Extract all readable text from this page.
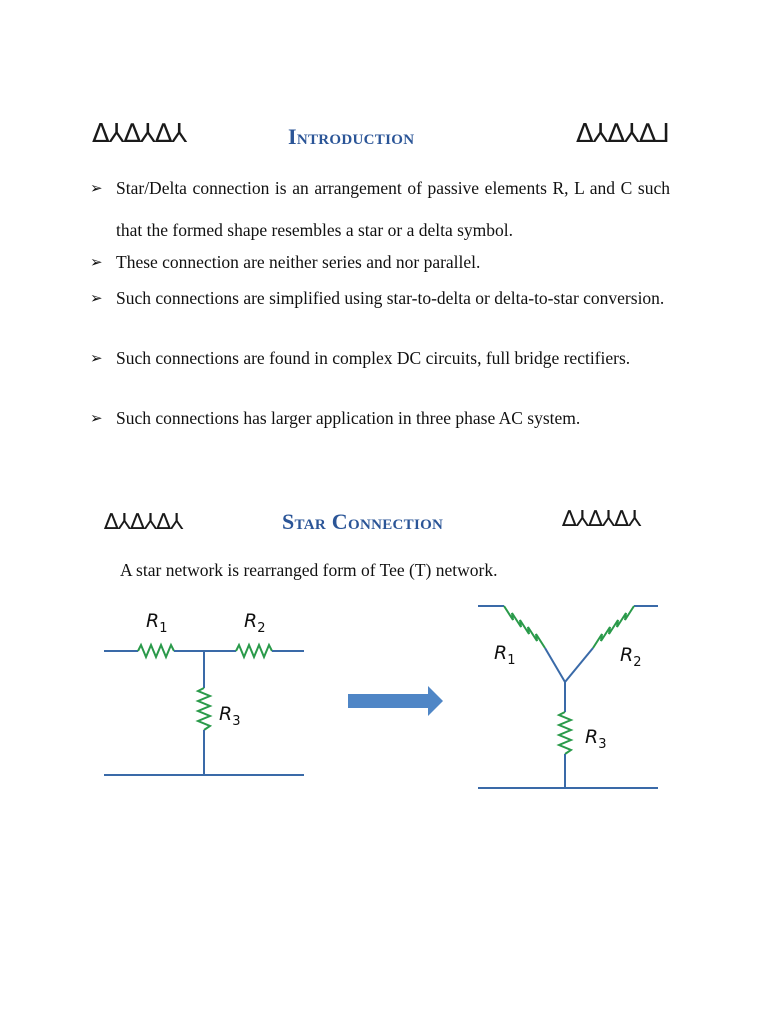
Δ⅄∆⅄∆⅄	Introduction	Δ⅄∆⅄∆⅃
➢ Star/Delta connection is an arrangement of passive elements R, L and C such that the formed shape resembles a star or a delta symbol.
➢ These connection are neither series and nor parallel.
➢ Such connections are simplified using star-to-delta or delta-to-star conversion.
➢ Such connections are found in complex DC circuits, full bridge rectifiers.
➢ Such connections has larger application in three phase AC system.
∆⅄∆⅄∆⅄	Star Connection	∆⅄∆⅄∆⅄
A star network is rearranged form of Tee (T) network.
$R_1$	$R_2$
$R_3$
$R_1$	$R_2$
$R_3$
